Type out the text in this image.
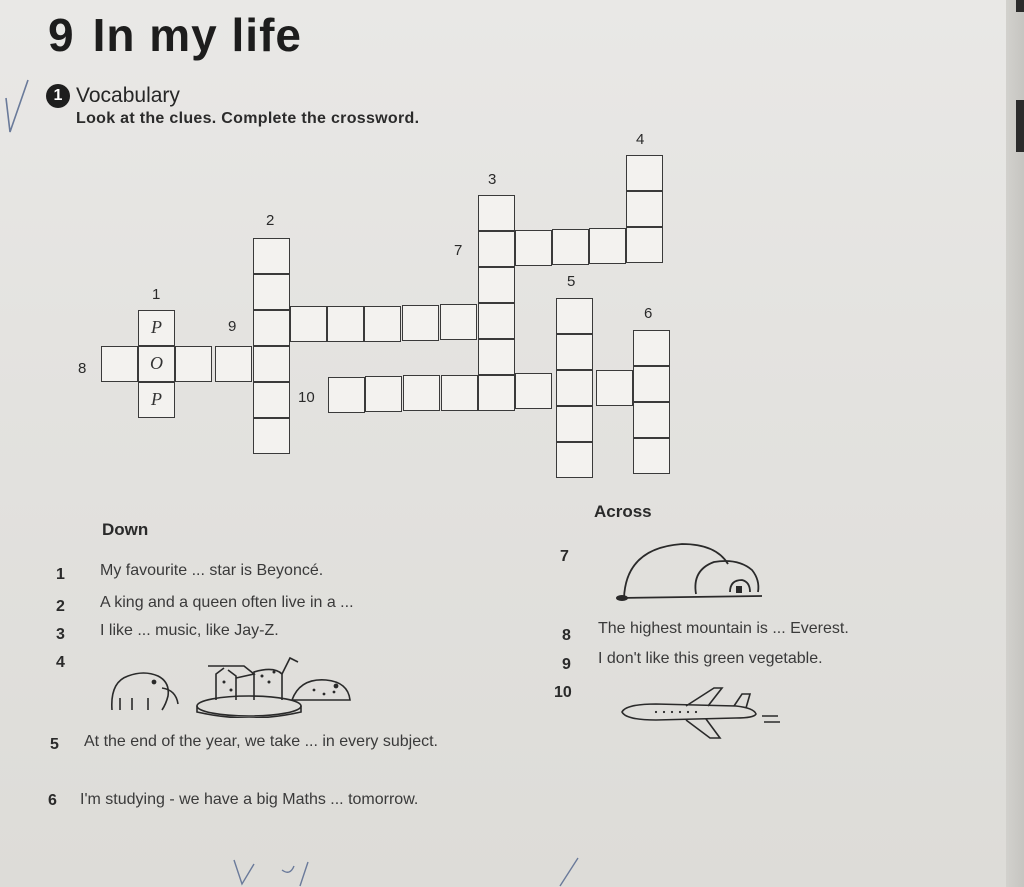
9 In my life
1 Vocabulary
Look at the clues. Complete the crossword.
P
O
P
1
2
3
4
5
6
7
8
9
10
Down
1 My favourite ... star is Beyoncé.
2 A king and a queen often live in a ...
3 I like ... music, like Jay-Z.
4
5 At the end of the year, we take ... in every subject.
6 I'm studying - we have a big Maths ... tomorrow.
Across
7
8 The highest mountain is ... Everest.
9 I don't like this green vegetable.
10
